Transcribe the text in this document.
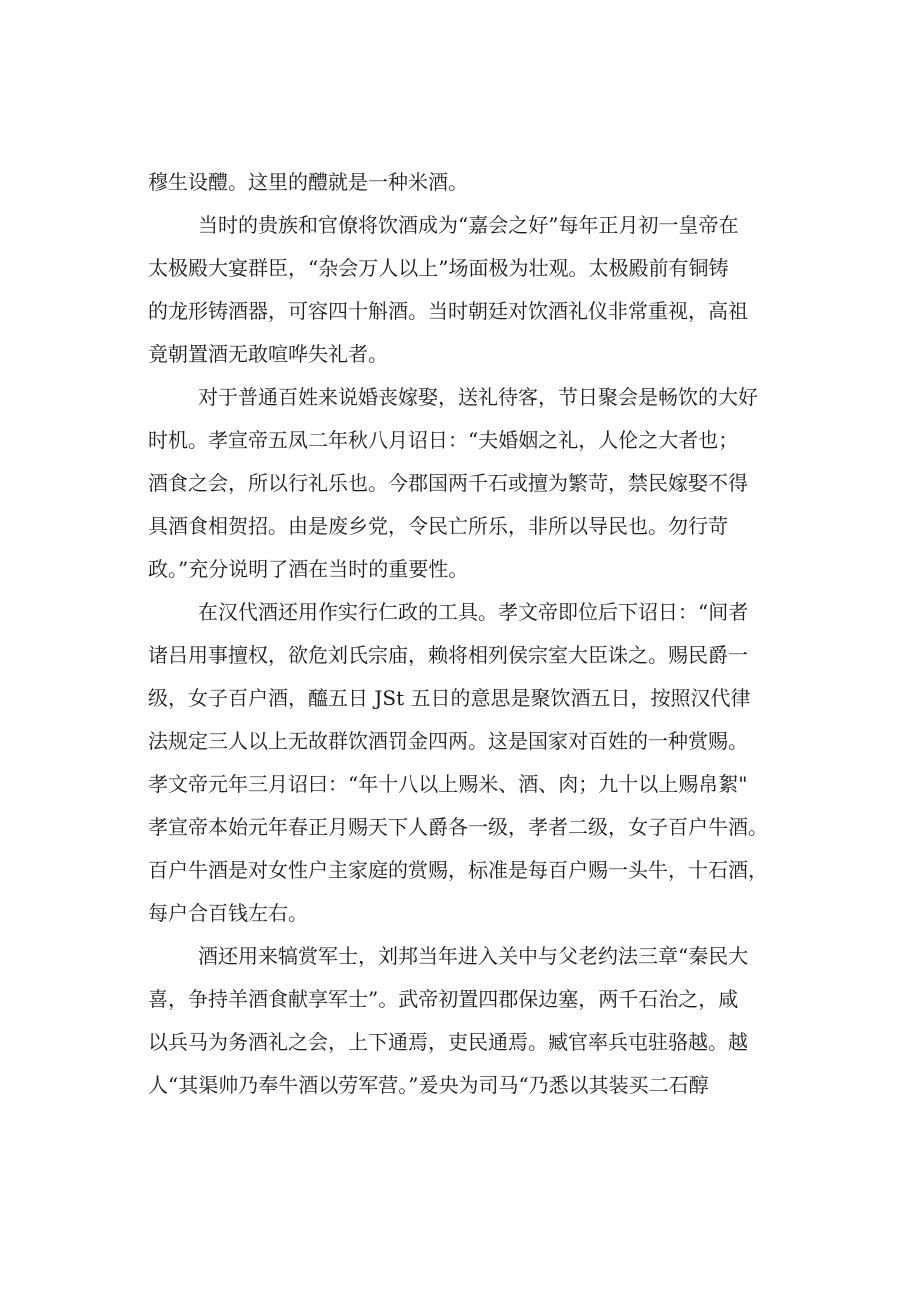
穆生设醴。这里的醴就是一种米酒。
当时的贵族和官僚将饮酒成为“嘉会之好”每年正月初一皇帝在
太极殿大宴群臣，“杂会万人以上”场面极为壮观。太极殿前有铜铸
的龙形铸酒器，可容四十斛酒。当时朝廷对饮酒礼仪非常重视，高祖
竟朝置酒无敢喧哗失礼者。
对于普通百姓来说婚丧嫁娶，送礼待客，节日聚会是畅饮的大好
时机。孝宣帝五凤二年秋八月诏日：“夫婚姻之礼，人伦之大者也；
酒食之会，所以行礼乐也。今郡国两千石或擅为繁苛，禁民嫁娶不得
具酒食相贺招。由是废乡党，令民亡所乐，非所以导民也。勿行苛
政。”充分说明了酒在当时的重要性。
在汉代酒还用作实行仁政的工具。孝文帝即位后下诏日：“间者
诸吕用事擅权，欲危刘氏宗庙，赖将相列侯宗室大臣诛之。赐民爵一
级，女子百户酒，醯五日 JSt 五日的意思是聚饮酒五日，按照汉代律
法规定三人以上无故群饮酒罚金四两。这是国家对百姓的一种赏赐。
孝文帝元年三月诏曰：“年十八以上赐米、酒、肉；九十以上赐帛絮"
孝宣帝本始元年春正月赐天下人爵各一级，孝者二级，女子百户牛酒。
百户牛酒是对女性户主家庭的赏赐，标准是每百户赐一头牛，十石酒，
每户合百钱左右。
酒还用来犒赏军士，刘邦当年进入关中与父老约法三章“秦民大
喜，争持羊酒食献享军士”。武帝初置四郡保边塞，两千石治之，咸
以兵马为务酒礼之会，上下通焉，吏民通焉。臧官率兵屯驻骆越。越
人“其渠帅乃奉牛酒以劳军营。”爰央为司马“乃悉以其装买二石醇
